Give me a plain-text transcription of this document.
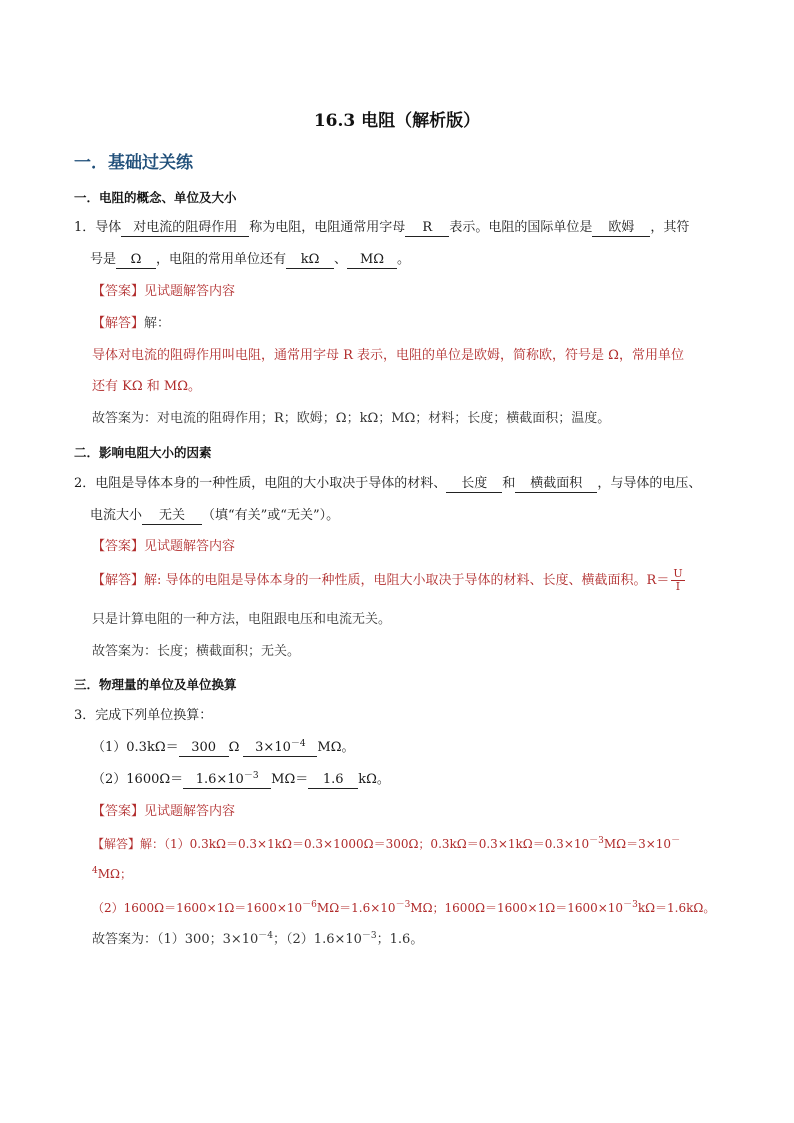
16.3 电阻（解析版）
一．基础过关练
一．电阻的概念、单位及大小
1．导体 对电流的阻碍作用 称为电阻，电阻通常用字母 R 表示。电阻的国际单位是 欧姆 ，其符
号是 Ω ，电阻的常用单位还有 kΩ 、 MΩ 。
【答案】见试题解答内容
【解答】解：
导体对电流的阻碍作用叫电阻，通常用字母 R 表示，电阻的单位是欧姆，简称欧，符号是 Ω，常用单位
还有 KΩ 和 MΩ。
故答案为：对电流的阻碍作用；R；欧姆；Ω；kΩ；MΩ；材料；长度；横截面积；温度。
二．影响电阻大小的因素
2．电阻是导体本身的一种性质，电阻的大小取决于导体的材料、 长度 和 横截面积 ，与导体的电压、
电流大小 无关 （填“有关”或“无关”）。
【答案】见试题解答内容
【解答】解: 导体的电阻是导体本身的一种性质，电阻大小取决于导体的材料、长度、横截面积。$R= \frac{U}{I}$
只是计算电阻的一种方法，电阻跟电压和电流无关。
故答案为：长度；横截面积；无关。
三．物理量的单位及单位换算
3．完成下列单位换算：
（1）0.3kΩ＝ 300 Ω $3\times 10^{-4}$ MΩ。
$(2)1600\Omega= 1.6\times 10^{-3}$ MΩ＝ 1.6 kΩ。
【答案】见试题解答内容
【解答】解：（1）0.3kΩ＝0.3×1kΩ＝0.3×1000Ω＝300Ω；$0.3k\Omega=0.3\times 1k\Omega=0.3\times 10^{-3}M\Omega=3\times 10^-$
$^4$MΩ；
$(2)1600\Omega=1600\times 1\Omega=1600\times 10^{-6}M\Omega=1.6\times 10^{-3}M\Omega$；$1600\Omega=1600\times 1\Omega=1600\times 10^{-3}k\Omega=1.6k\Omega$。
故答案为：（1）300；$3\times 10^{-4}$；$(2)1.6\times 10^{-3}$；1.6。
